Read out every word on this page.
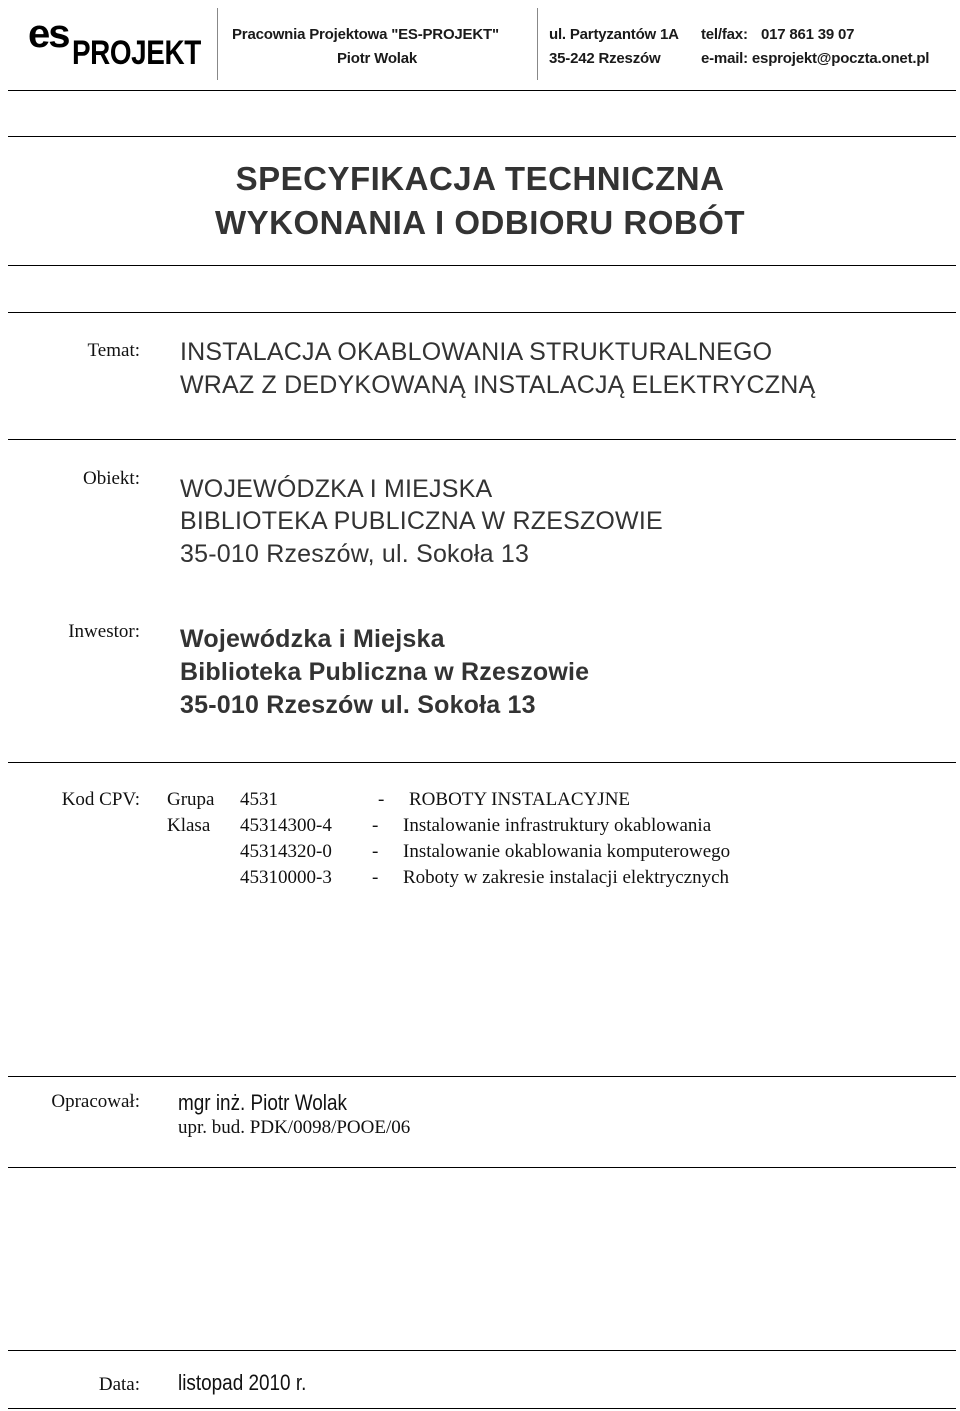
es PROJEKT Pracownia Projektowa "ES-PROJEKT"
Piotr Wolak
ul. Partyzantów 1A
35-242 Rzeszów
tel/fax: 017 861 39 07
e-mail: esprojekt@poczta.onet.pl
SPECYFIKACJA TECHNICZNA
WYKONANIA I ODBIORU ROBÓT
Temat: INSTALACJA OKABLOWANIA STRUKTURALNEGO
WRAZ Z DEDYKOWANĄ INSTALACJĄ ELEKTRYCZNĄ
Obiekt: WOJEWÓDZKA I MIEJSKA
BIBLIOTEKA PUBLICZNA W RZESZOWIE
35-010 Rzeszów, ul. Sokoła 13
Inwestor: Wojewódzka i Miejska
Biblioteka Publiczna w Rzeszowie
35-010 Rzeszów ul. Sokoła 13
Kod CPV: Grupa 4531	- ROBOTY INSTALACYJNE
Klasa 45314300-4 - Instalowanie infrastruktury okablowania
45314320-0 - Instalowanie okablowania komputerowego
45310000-3 - Roboty w zakresie instalacji elektrycznych
Opracował: mgr inż. Piotr Wolak
upr. bud. PDK/0098/POOE/06
Data: listopad 2010 r.
